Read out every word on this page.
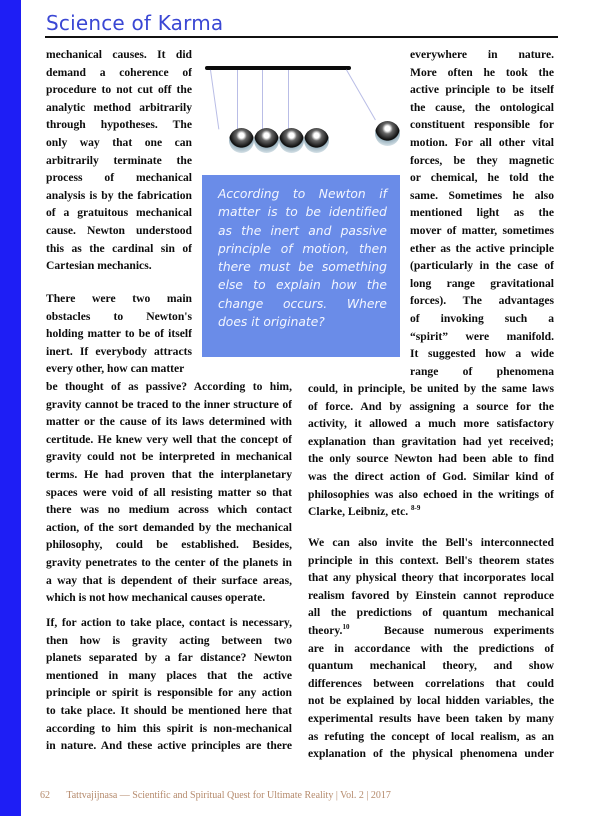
Science of Karma
According to Newton if
matter is to be identified
as the inert and passive
principle of motion, then
there must be something
else to explain how the
change occurs. Where
does it originate?
mechanical causes. It did
demand a coherence of
procedure to not cut off the
analytic method arbitrarily
through hypotheses. The
only way that one can
arbitrarily terminate the
process of mechanical
analysis is by the fabrication
of a gratuitous mechanical
cause. Newton understood
this as the cardinal sin of
Cartesian mechanics.
There were two main
obstacles to Newton's
holding matter to be of itself
inert. If everybody attracts
every other, how can matter
be thought of as passive? According to him,
gravity cannot be traced to the inner structure of
matter or the cause of its laws determined with
certitude. He knew very well that the concept of
gravity could not be interpreted in mechanical
terms. He had proven that the interplanetary
spaces were void of all resisting matter so that
there was no medium across which contact
action, of the sort demanded by the mechanical
philosophy, could be established. Besides,
gravity penetrates to the center of the planets in
a way that is dependent of their surface areas,
which is not how mechanical causes operate.
If, for action to take place, contact is necessary,
then how is gravity acting between two
planets separated by a far distance? Newton
mentioned in many places that the active
principle or spirit is responsible for any action
to take place. It should be mentioned here that
according to him this spirit is non-mechanical
in nature. And these active principles are there
everywhere in nature.
More often he took the
active principle to be itself
the cause, the ontological
constituent responsible for
motion. For all other vital
forces, be they magnetic
or chemical, he told the
same. Sometimes he also
mentioned light as the
mover of matter, sometimes
ether as the active principle
(particularly in the case of
long range gravitational
forces). The advantages
of invoking such a
“spirit” were manifold.
It suggested how a wide
range of phenomena
could, in principle, be united by the same laws
of force. And by assigning a source for the
activity, it allowed a much more satisfactory
explanation than gravitation had yet received;
the only source Newton had been able to find
was the direct action of God. Similar kind of
philosophies was also echoed in the writings of
Clarke, Leibniz, etc. $^{8-9}$
We can also invite the Bell's interconnected
principle in this context. Bell's theorem states
that any physical theory that incorporates local
realism favored by Einstein cannot reproduce
all the predictions of quantum mechanical
theory.$^{10}$	Because numerous experiments
are in accordance with the predictions of
quantum mechanical theory, and show
differences between correlations that could
not be explained by local hidden variables, the
experimental results have been taken by many
as refuting the concept of local realism, as an
explanation of the physical phenomena under
62 Tattvajijnasa — Scientific and Spiritual Quest for Ultimate Reality | Vol. 2 | 2017
